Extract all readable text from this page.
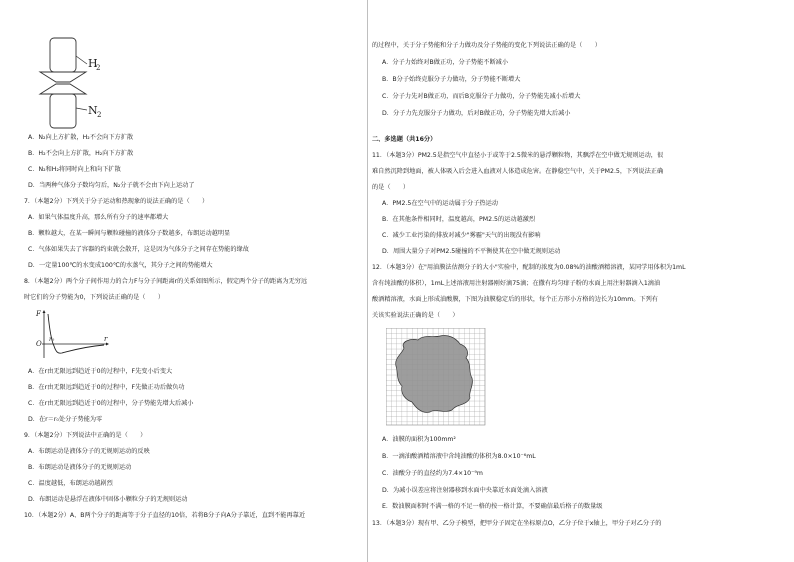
H
2
N 2
A．N₂向上方扩散，H₂不会向下方扩散
B．H₂不会向上方扩散，H₂向下方扩散
C．N₂和H₂将同时向上和向下扩散
D．当两种气体分子数均匀后，N₂分子就不会由下向上运动了
7．（本题2分）下列关于分子运动和热现象的说法正确的是（　　）
A．如果气体温度升高，那么所有分子的速率都增大
B．颗粒越大，在某一瞬间与颗粒碰撞的液体分子数越多，布朗运动越明显
C．气体如果失去了容器的约束就会散开，这是因为气体分子之间存在势能的缘故
D．一定量100℃的水变成100℃的水蒸气，其分子之间的势能增大
8．（本题2分）两个分子间作用力的合力F与分子间距离r的关系如图所示，假定两个分子的距离为无穷远
时它们的分子势能为0，下列说法正确的是（　　）
F
O
r₀	r
A．在r由无限远到趋近于0的过程中，F先变小后变大
B．在r由无限远到趋近于0的过程中，F先做正功后做负功
C．在r由无限远到趋近于0的过程中，分子势能先增大后减小
D．在r＝r₀处分子势能为零
9．（本题2分）下列说法中正确的是（　　）
A．布朗运动是液体分子的无规则运动的反映
B．布朗运动是液体分子的无规则运动
C．温度越低，布朗运动越剧烈
D．布朗运动是悬浮在液体中固体小颗粒分子的无规则运动
10．（本题2分）A、B两个分子的距离等于分子直径的10倍，若将B分子向A分子靠近，直到不能再靠近
的过程中，关于分子势能和分子力做功及分子势能的变化下列说法正确的是（　　）
A．分子力始终对B做正功，分子势能不断减小
B．B分子始终克服分子力做功，分子势能不断增大
C．分子力先对B做正功，而后B克服分子力做功，分子势能先减小后增大
D．分子力先克服分子力做功，后对B做正功，分子势能先增大后减小
二、多选题（共16分）
11．（本题3分）PM2.5是指空气中直径小于或等于2.5微米的悬浮颗粒物，其飘浮在空中做无规则运动，很
难自然沉降到地面，被人体吸入后会进入血液对人体造成危害。在静稳空气中，关于PM2.5，下列说法正确
的是（　　）
A．PM2.5在空气中的运动属于分子热运动
B．在其他条件相同时，温度越高，PM2.5的运动越激烈
C．减少工业污染的排放对减少"雾霾"天气的出现没有影响
D．周围大量分子对PM2.5碰撞的不平衡使其在空中做无规则运动
12．（本题3分）在"用油膜法估测分子的大小"实验中，配制的浓度为0.08%的油酸酒精溶液，某同学用体积为1mL
含有纯油酸的体积），1mL上述溶液用注射器刚好滴75滴；在撒有均匀痱子粉的水面上用注射器滴入1滴油
酸酒精溶液，水面上形成油酸膜，下图为油膜稳定后的形状，每个正方形小方格的边长为10mm。下列有
关该实验说法正确的是（　　）
A．油膜的面积为100mm²
B．一滴油酸酒精溶液中含纯油酸的体积为8.0×10⁻⁶mL
C．油酸分子的直径约为7.4×10⁻⁹m
D．为减小误差应将注射器移到水面中央靠近水面处滴入溶液
E．数油膜面积时不满一格的不足一格的按一格计算，不要确信最后格子的数量级
13．（本题3分）现有甲、乙分子模型，把甲分子固定在坐标原点O，乙分子位于x轴上，甲分子对乙分子的
